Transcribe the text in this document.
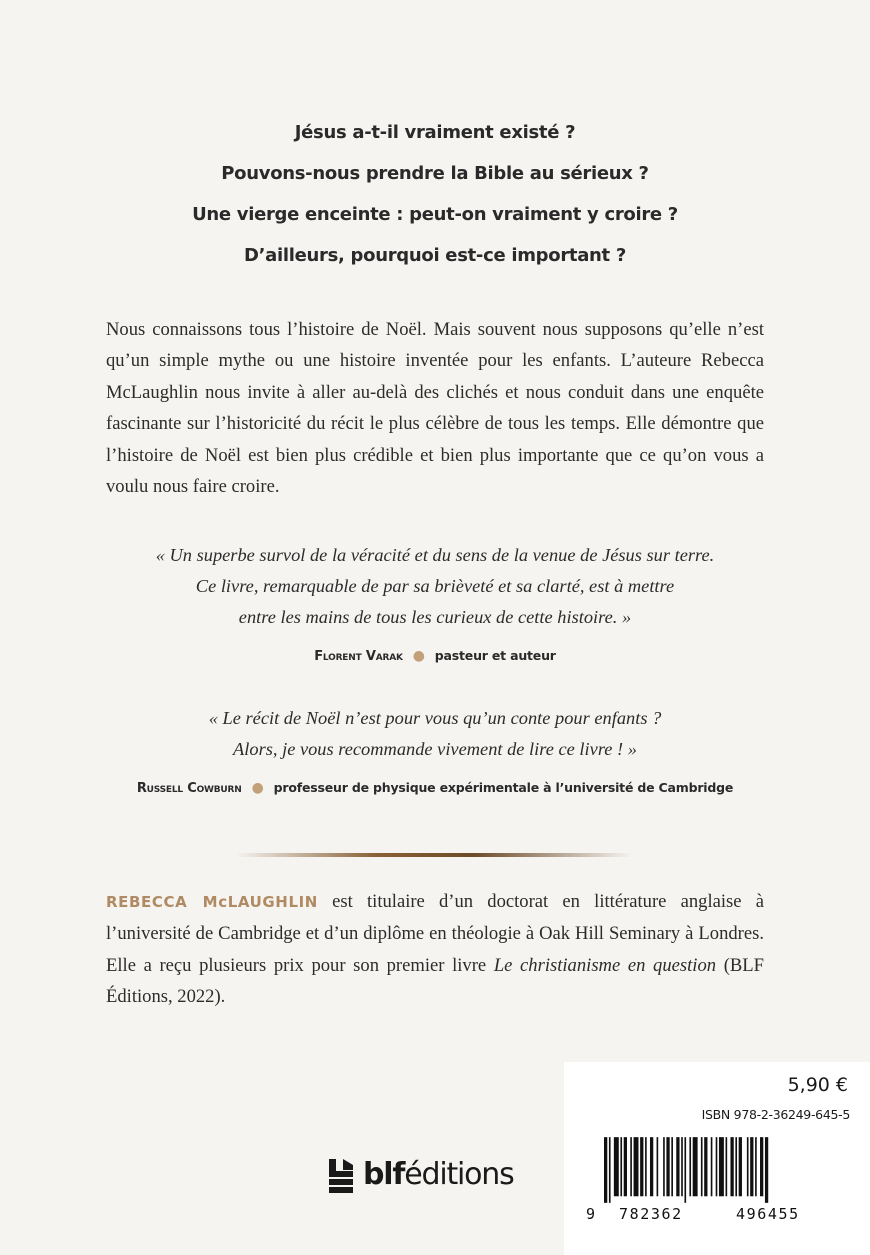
Jésus a-t-il vraiment existé ?
Pouvons-nous prendre la Bible au sérieux ?
Une vierge enceinte : peut-on vraiment y croire ?
D’ailleurs, pourquoi est-ce important ?
Nous connaissons tous l’histoire de Noël. Mais souvent nous supposons qu’elle n’est qu’un simple mythe ou une histoire inventée pour les enfants. L’auteure Rebecca McLaughlin nous invite à aller au-delà des clichés et nous conduit dans une enquête fascinante sur l’historicité du récit le plus célèbre de tous les temps. Elle démontre que l’histoire de Noël est bien plus crédible et bien plus importante que ce qu’on vous a voulu nous faire croire.
« Un superbe survol de la véracité et du sens de la venue de Jésus sur terre.
Ce livre, remarquable de par sa brièveté et sa clarté, est à mettre
entre les mains de tous les curieux de cette histoire. »
Florent Varak ● pasteur et auteur
« Le récit de Noël n’est pour vous qu’un conte pour enfants ?
Alors, je vous recommande vivement de lire ce livre ! »
Russell Cowburn ● professeur de physique expérimentale à l’université de Cambridge
REBECCA McLAUGHLIN est titulaire d’un doctorat en littérature anglaise à l’université de Cambridge et d’un diplôme en théologie à Oak Hill Seminary à Londres. Elle a reçu plusieurs prix pour son premier livre Le christianisme en question (BLF Éditions, 2022).
blféditions
5,90 €
ISBN 978-2-36249-645-5
9 782362	496455
